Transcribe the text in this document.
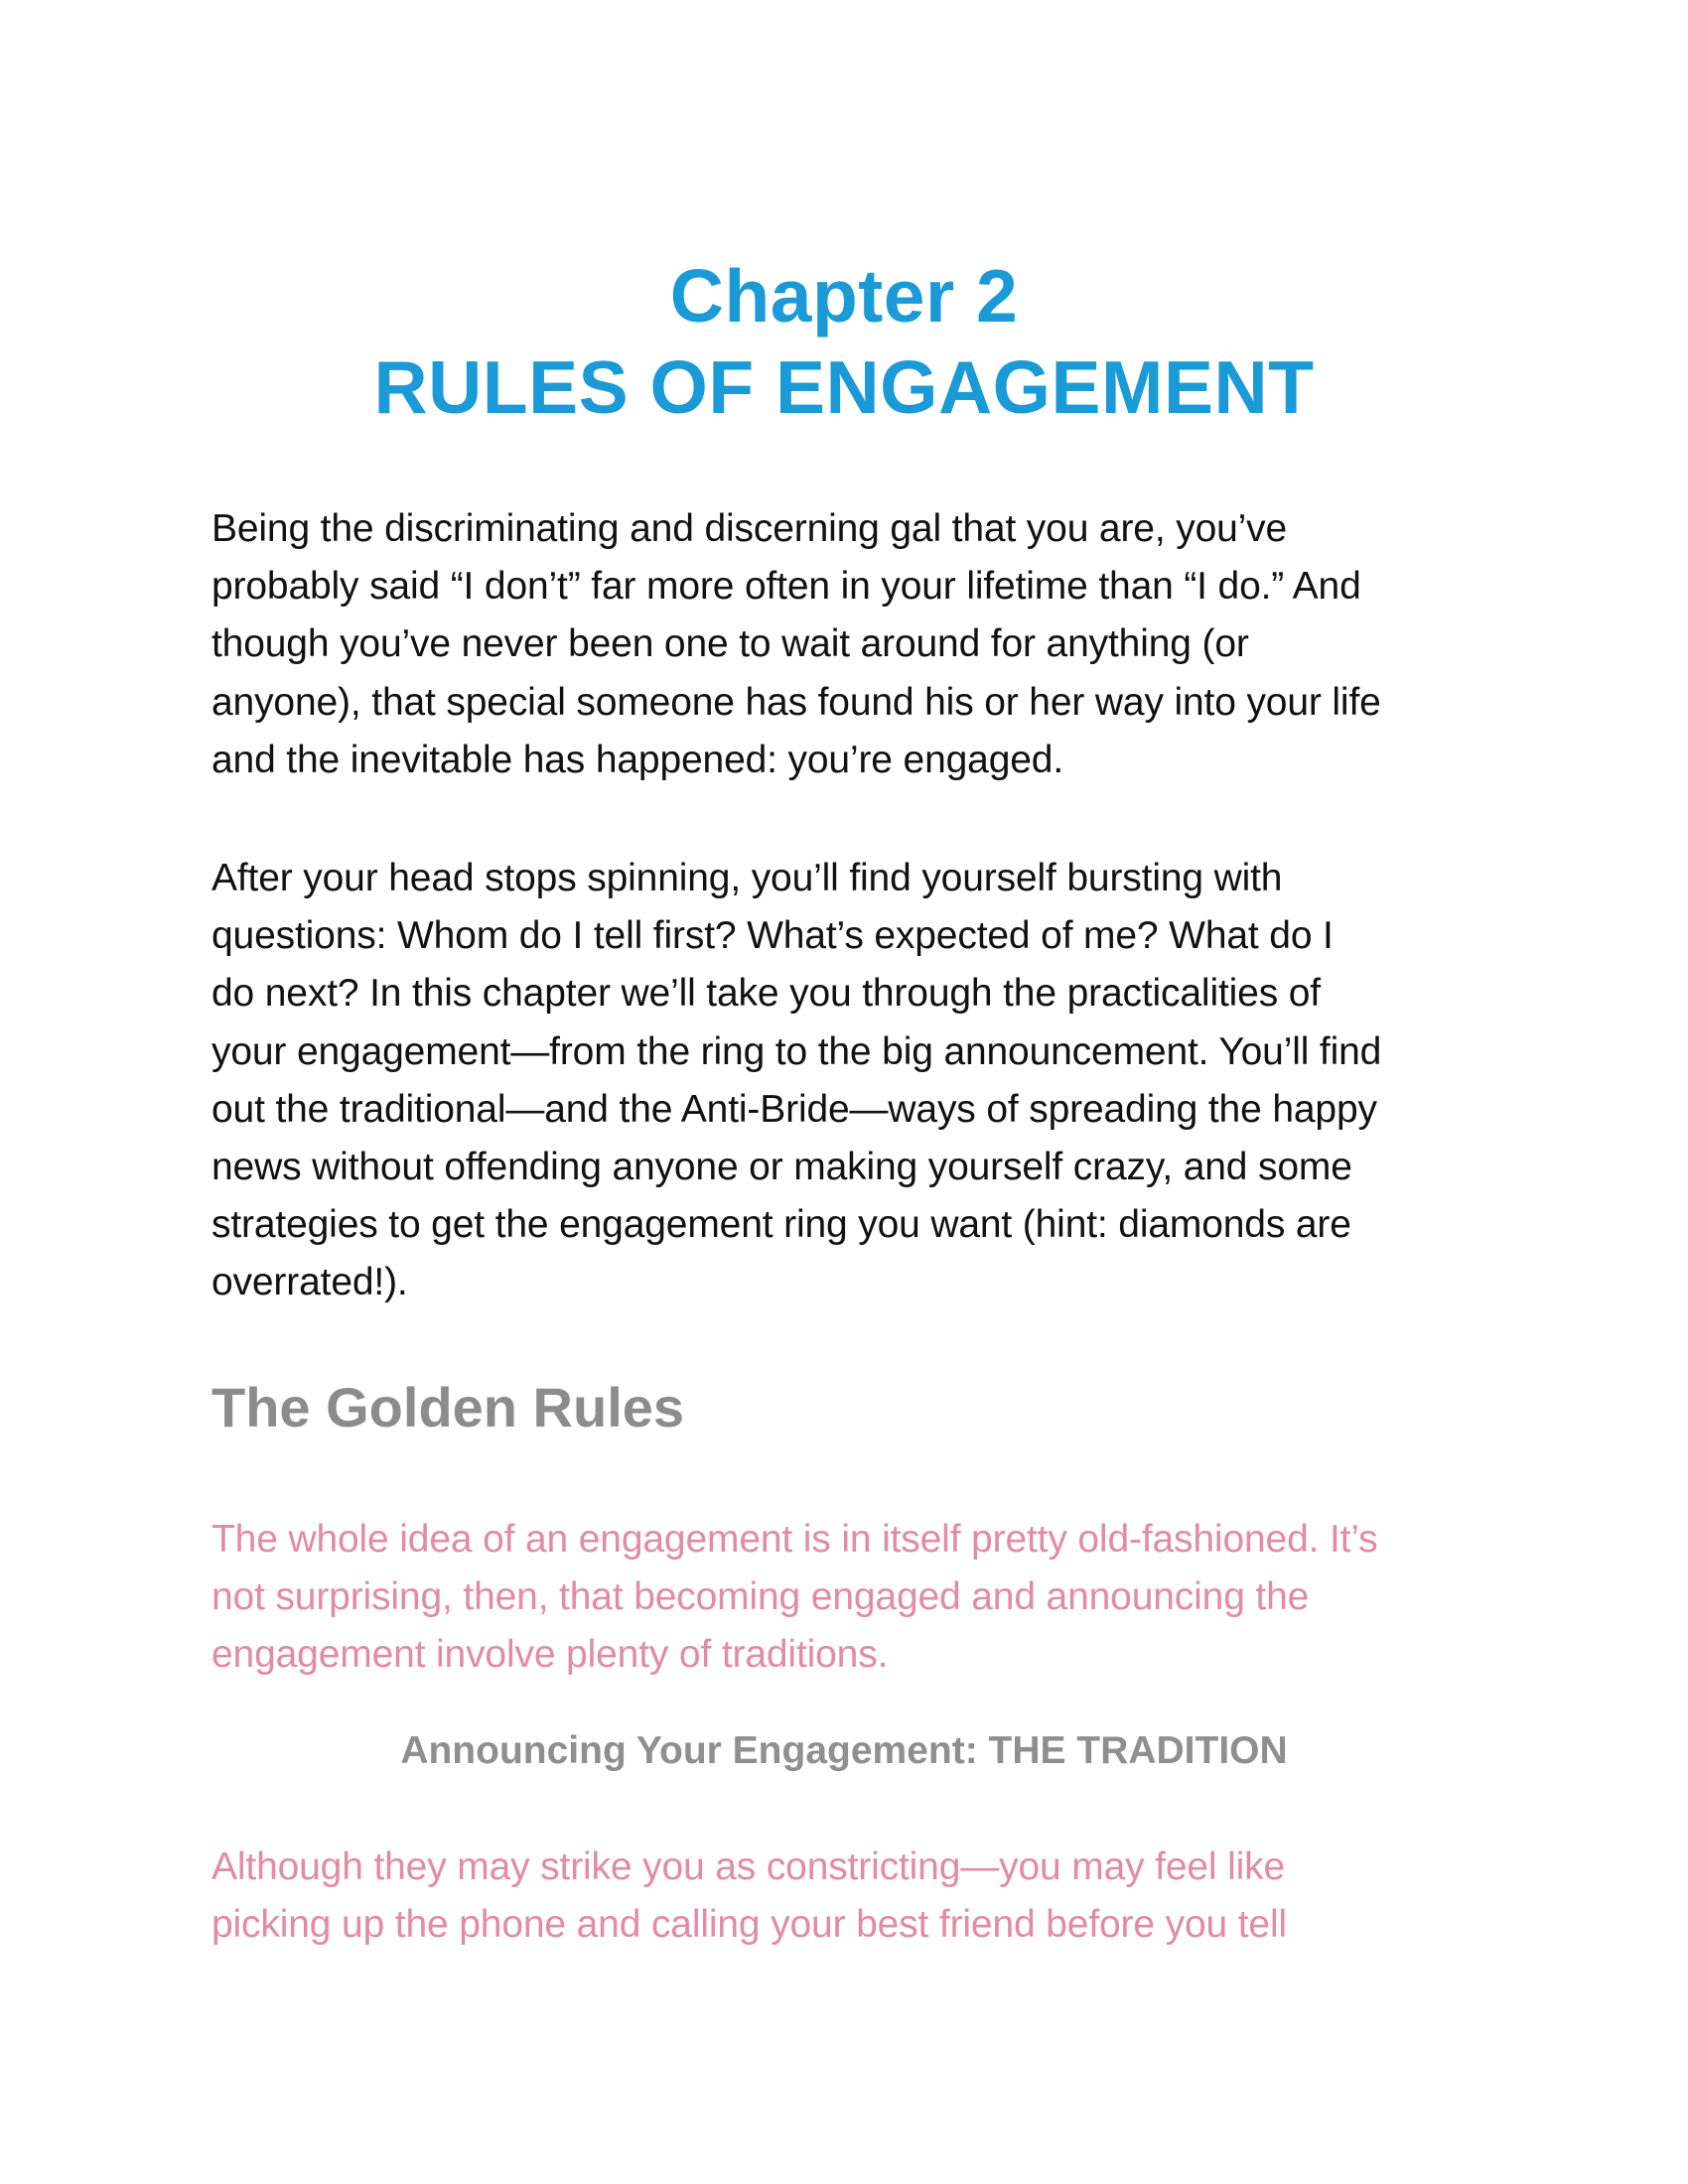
Chapter 2
RULES OF ENGAGEMENT

Being the discriminating and discerning gal that you are, you’ve
probably said “I don’t” far more often in your lifetime than “I do.” And
though you’ve never been one to wait around for anything (or
anyone), that special someone has found his or her way into your life
and the inevitable has happened: you’re engaged.

After your head stops spinning, you’ll find yourself bursting with
questions: Whom do I tell first? What’s expected of me? What do I
do next? In this chapter we’ll take you through the practicalities of
your engagement—from the ring to the big announcement. You’ll find
out the traditional—and the Anti-Bride—ways of spreading the happy
news without offending anyone or making yourself crazy, and some
strategies to get the engagement ring you want (hint: diamonds are
overrated!).

The Golden Rules

The whole idea of an engagement is in itself pretty old-fashioned. It’s
not surprising, then, that becoming engaged and announcing the
engagement involve plenty of traditions.

Announcing Your Engagement: THE TRADITION

Although they may strike you as constricting—you may feel like
picking up the phone and calling your best friend before you tell
